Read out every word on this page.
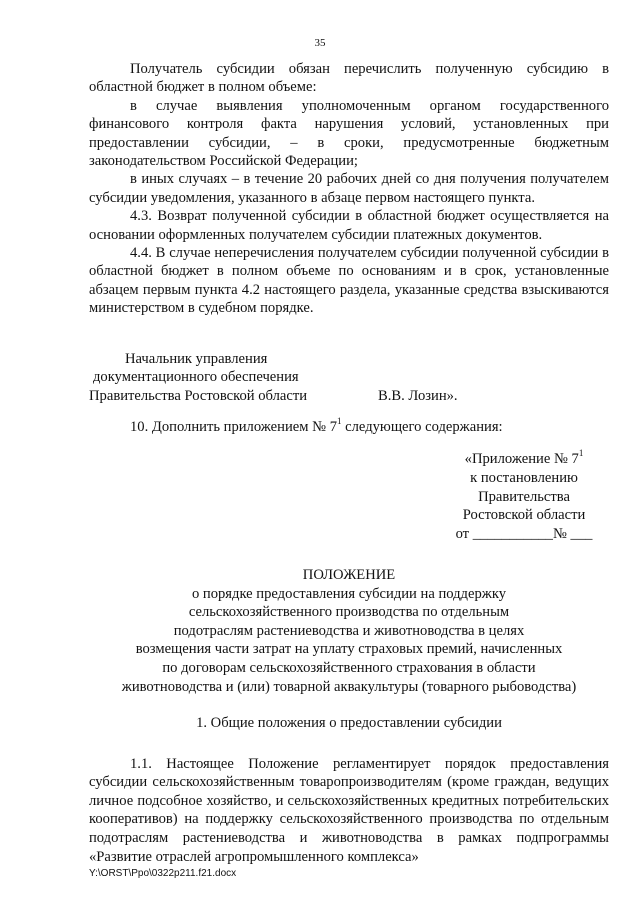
35

Получатель субсидии обязан перечислить полученную субсидию в областной бюджет в полном объеме:

в случае выявления уполномоченным органом государственного финансового контроля факта нарушения условий, установленных при предоставлении субсидии, – в сроки, предусмотренные бюджетным законодательством Российской Федерации;

в иных случаях – в течение 20 рабочих дней со дня получения получателем субсидии уведомления, указанного в абзаце первом настоящего пункта.

4.3. Возврат полученной субсидии в областной бюджет осуществляется на основании оформленных получателем субсидии платежных документов.

4.4. В случае неперечисления получателем субсидии полученной субсидии в областной бюджет в полном объеме по основаниям и в срок, установленные абзацем первым пункта 4.2 настоящего раздела, указанные средства взыскиваются министерством в судебном порядке.

Начальник управления
документационного обеспечения
Правительства Ростовской области	В.В. Лозин».

10. Дополнить приложением № $7^1$ следующего содержания:

«Приложение № $7^1$
к постановлению
Правительства
Ростовской области
от ___________№ ___
ПОЛОЖЕНИЕ
о порядке предоставления субсидии на поддержку
сельскохозяйственного производства по отдельным
подотраслям растениеводства и животноводства в целях
возмещения части затрат на уплату страховых премий, начисленных
по договорам сельскохозяйственного страхования в области
животноводства и (или) товарной аквакультуры (товарного рыбоводства)
1. Общие положения о предоставлении субсидии

1.1. Настоящее Положение регламентирует порядок предоставления субсидии сельскохозяйственным товаропроизводителям (кроме граждан, ведущих личное подсобное хозяйство, и сельскохозяйственных кредитных потребительских кооперативов) на поддержку сельскохозяйственного производства по отдельным подотраслям растениеводства и животноводства в рамках подпрограммы «Развитие отраслей агропромышленного комплекса»

Y:\ORST\Ppo\0322p211.f21.docx
